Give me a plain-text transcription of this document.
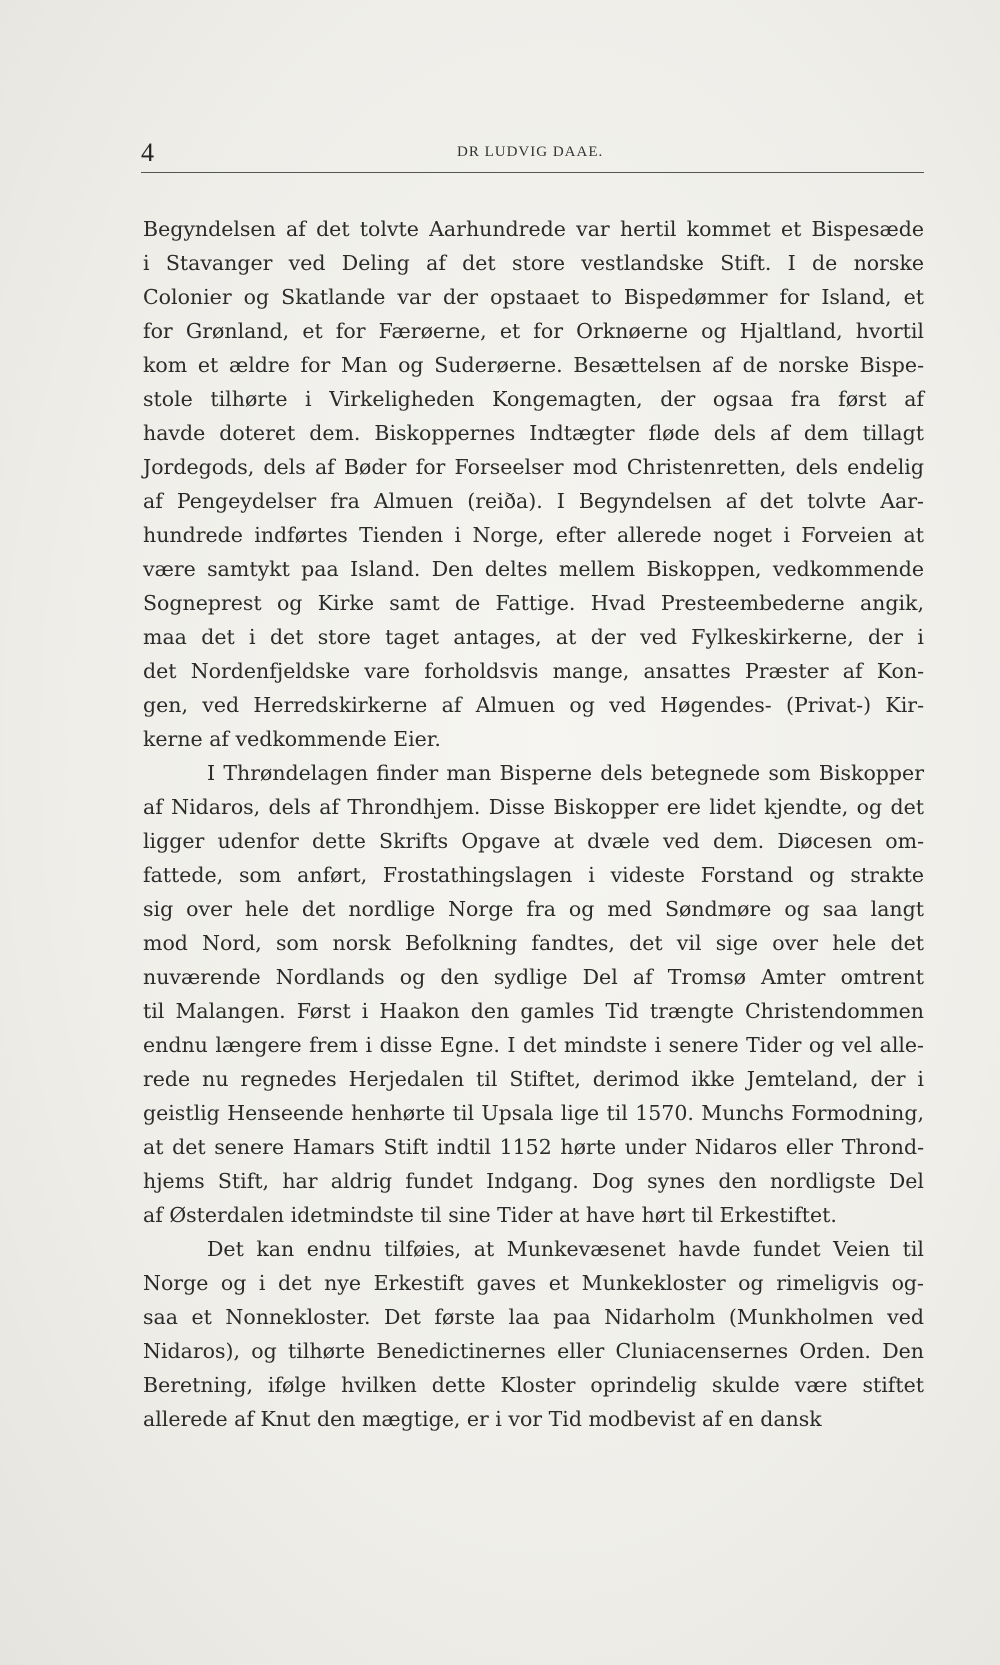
4	DR LUDVIG DAAE.
Begyndelsen af det tolvte Aarhundrede var hertil kommet et Bispesæde
i Stavanger ved Deling af det store vestlandske Stift. I de norske
Colonier og Skatlande var der opstaaet to Bispedømmer for Island, et
for Grønland, et for Færøerne, et for Orknøerne og Hjaltland, hvortil
kom et ældre for Man og Suderøerne. Besættelsen af de norske Bispe-
stole tilhørte i Virkeligheden Kongemagten, der ogsaa fra først af
havde doteret dem. Biskoppernes Indtægter fløde dels af dem tillagt
Jordegods, dels af Bøder for Forseelser mod Christenretten, dels endelig
af Pengeydelser fra Almuen (reiða). I Begyndelsen af det tolvte Aar-
hundrede indførtes Tienden i Norge, efter allerede noget i Forveien at
være samtykt paa Island. Den deltes mellem Biskoppen, vedkommende
Sogneprest og Kirke samt de Fattige. Hvad Presteembederne angik,
maa det i det store taget antages, at der ved Fylkeskirkerne, der i
det Nordenfjeldske vare forholdsvis mange, ansattes Præster af Kon-
gen, ved Herredskirkerne af Almuen og ved Høgendes- (Privat-) Kir-
kerne af vedkommende Eier.
I Thrøndelagen finder man Bisperne dels betegnede som Biskopper
af Nidaros, dels af Throndhjem. Disse Biskopper ere lidet kjendte, og det
ligger udenfor dette Skrifts Opgave at dvæle ved dem. Diøcesen om-
fattede, som anført, Frostathingslagen i videste Forstand og strakte
sig over hele det nordlige Norge fra og med Søndmøre og saa langt
mod Nord, som norsk Befolkning fandtes, det vil sige over hele det
nuværende Nordlands og den sydlige Del af Tromsø Amter omtrent
til Malangen. Først i Haakon den gamles Tid trængte Christendommen
endnu længere frem i disse Egne. I det mindste i senere Tider og vel alle-
rede nu regnedes Herjedalen til Stiftet, derimod ikke Jemteland, der i
geistlig Henseende henhørte til Upsala lige til 1570. Munchs Formodning,
at det senere Hamars Stift indtil 1152 hørte under Nidaros eller Thrond-
hjems Stift, har aldrig fundet Indgang. Dog synes den nordligste Del
af Østerdalen idetmindste til sine Tider at have hørt til Erkestiftet.
Det kan endnu tilføies, at Munkevæsenet havde fundet Veien til
Norge og i det nye Erkestift gaves et Munkekloster og rimeligvis og-
saa et Nonnekloster. Det første laa paa Nidarholm (Munkholmen ved
Nidaros), og tilhørte Benedictinernes eller Cluniacensernes Orden. Den
Beretning, ifølge hvilken dette Kloster oprindelig skulde være stiftet
allerede af Knut den mægtige, er i vor Tid modbevist af en dansk
